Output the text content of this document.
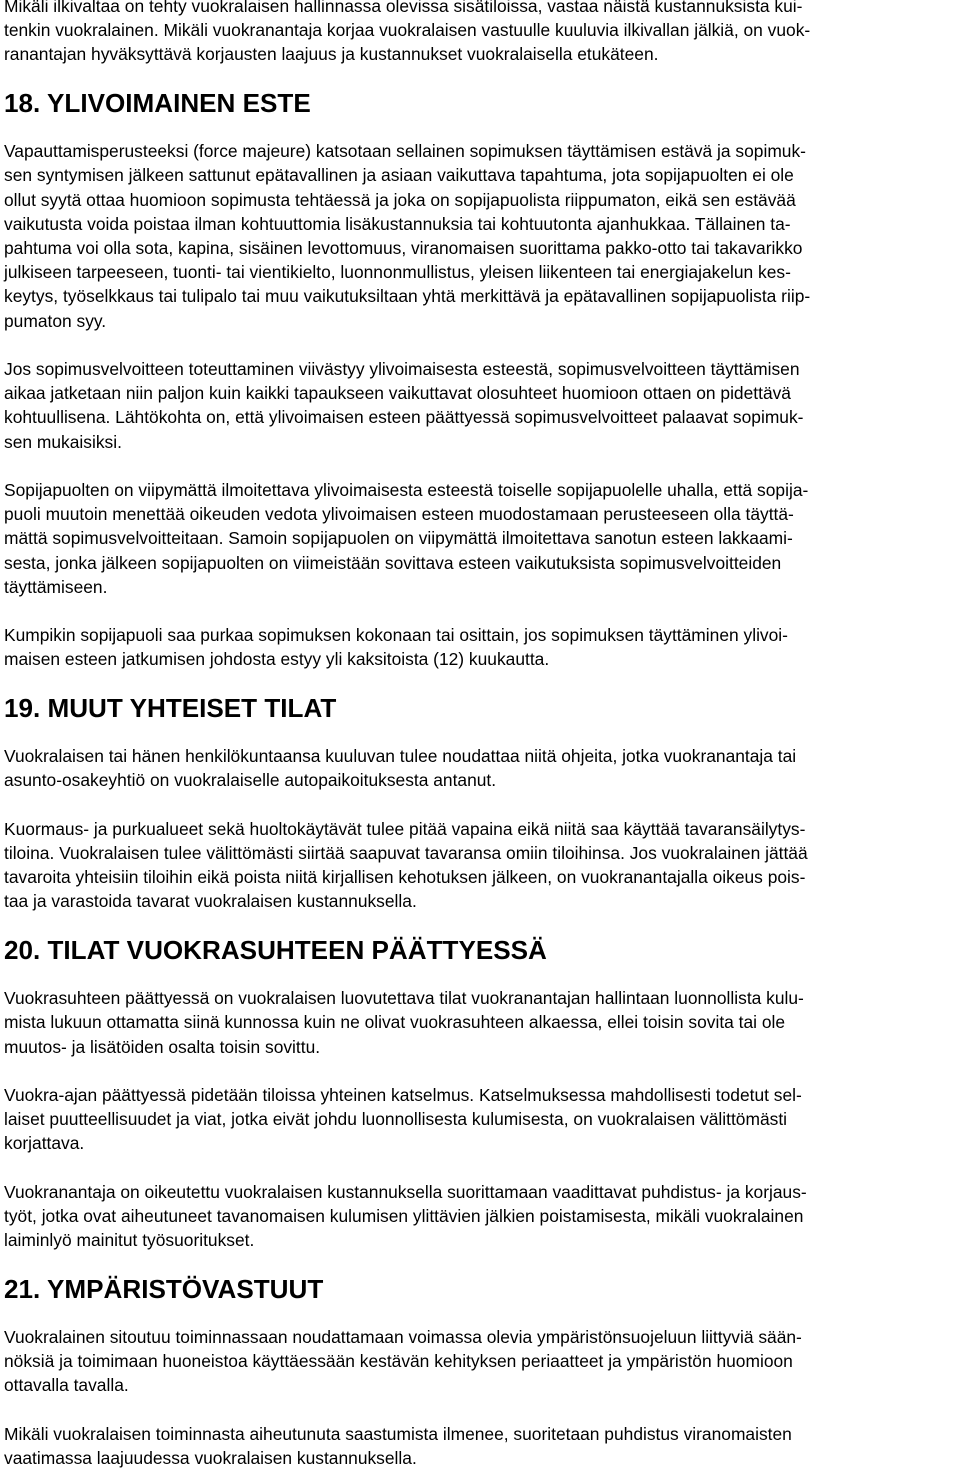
Mikäli ilkivaltaa on tehty vuokralaisen hallinnassa olevissa sisätiloissa, vastaa näistä kustannuksista kui-
tenkin vuokralainen. Mikäli vuokranantaja korjaa vuokralaisen vastuulle kuuluvia ilkivallan jälkiä, on vuok-
ranantajan hyväksyttävä korjausten laajuus ja kustannukset vuokralaisella etukäteen.

18. YLIVOIMAINEN ESTE

Vapauttamisperusteeksi (force majeure) katsotaan sellainen sopimuksen täyttämisen estävä ja sopimuk-
sen syntymisen jälkeen sattunut epätavallinen ja asiaan vaikuttava tapahtuma, jota sopijapuolten ei ole
ollut syytä ottaa huomioon sopimusta tehtäessä ja joka on sopijapuolista riippumaton, eikä sen estävää
vaikutusta voida poistaa ilman kohtuuttomia lisäkustannuksia tai kohtuutonta ajanhukkaa. Tällainen ta-
pahtuma voi olla sota, kapina, sisäinen levottomuus, viranomaisen suorittama pakko-otto tai takavarikko
julkiseen tarpeeseen, tuonti- tai vientikielto, luonnonmullistus, yleisen liikenteen tai energiajakelun kes-
keytys, työselkkaus tai tulipalo tai muu vaikutuksiltaan yhtä merkittävä ja epätavallinen sopijapuolista riip-
pumaton syy.

Jos sopimusvelvoitteen toteuttaminen viivästyy ylivoimaisesta esteestä, sopimusvelvoitteen täyttämisen
aikaa jatketaan niin paljon kuin kaikki tapaukseen vaikuttavat olosuhteet huomioon ottaen on pidettävä
kohtuullisena. Lähtökohta on, että ylivoimaisen esteen päättyessä sopimusvelvoitteet palaavat sopimuk-
sen mukaisiksi.

Sopijapuolten on viipymättä ilmoitettava ylivoimaisesta esteestä toiselle sopijapuolelle uhalla, että sopija-
puoli muutoin menettää oikeuden vedota ylivoimaisen esteen muodostamaan perusteeseen olla täyttä-
mättä sopimusvelvoitteitaan. Samoin sopijapuolen on viipymättä ilmoitettava sanotun esteen lakkaami-
sesta, jonka jälkeen sopijapuolten on viimeistään sovittava esteen vaikutuksista sopimusvelvoitteiden
täyttämiseen.

Kumpikin sopijapuoli saa purkaa sopimuksen kokonaan tai osittain, jos sopimuksen täyttäminen ylivoi-
maisen esteen jatkumisen johdosta estyy yli kaksitoista (12) kuukautta.

19. MUUT YHTEISET TILAT

Vuokralaisen tai hänen henkilökuntaansa kuuluvan tulee noudattaa niitä ohjeita, jotka vuokranantaja tai
asunto-osakeyhtiö on vuokralaiselle autopaikoituksesta antanut.

Kuormaus- ja purkualueet sekä huoltokäytävät tulee pitää vapaina eikä niitä saa käyttää tavaransäilytys-
tiloina. Vuokralaisen tulee välittömästi siirtää saapuvat tavaransa omiin tiloihinsa. Jos vuokralainen jättää
tavaroita yhteisiin tiloihin eikä poista niitä kirjallisen kehotuksen jälkeen, on vuokranantajalla oikeus pois-
taa ja varastoida tavarat vuokralaisen kustannuksella.

20. TILAT VUOKRASUHTEEN PÄÄTTYESSÄ

Vuokrasuhteen päättyessä on vuokralaisen luovutettava tilat vuokranantajan hallintaan luonnollista kulu-
mista lukuun ottamatta siinä kunnossa kuin ne olivat vuokrasuhteen alkaessa, ellei toisin sovita tai ole
muutos- ja lisätöiden osalta toisin sovittu.

Vuokra-ajan päättyessä pidetään tiloissa yhteinen katselmus. Katselmuksessa mahdollisesti todetut sel-
laiset puutteellisuudet ja viat, jotka eivät johdu luonnollisesta kulumisesta, on vuokralaisen välittömästi
korjattava.

Vuokranantaja on oikeutettu vuokralaisen kustannuksella suorittamaan vaadittavat puhdistus- ja korjaus-
työt, jotka ovat aiheutuneet tavanomaisen kulumisen ylittävien jälkien poistamisesta, mikäli vuokralainen
laiminlyö mainitut työsuoritukset.

21. YMPÄRISTÖVASTUUT

Vuokralainen sitoutuu toiminnassaan noudattamaan voimassa olevia ympäristönsuojeluun liittyviä sään-
nöksiä ja toimimaan huoneistoa käyttäessään kestävän kehityksen periaatteet ja ympäristön huomioon
ottavalla tavalla.

Mikäli vuokralaisen toiminnasta aiheutunuta saastumista ilmenee, suoritetaan puhdistus viranomaisten
vaatimassa laajuudessa vuokralaisen kustannuksella.
